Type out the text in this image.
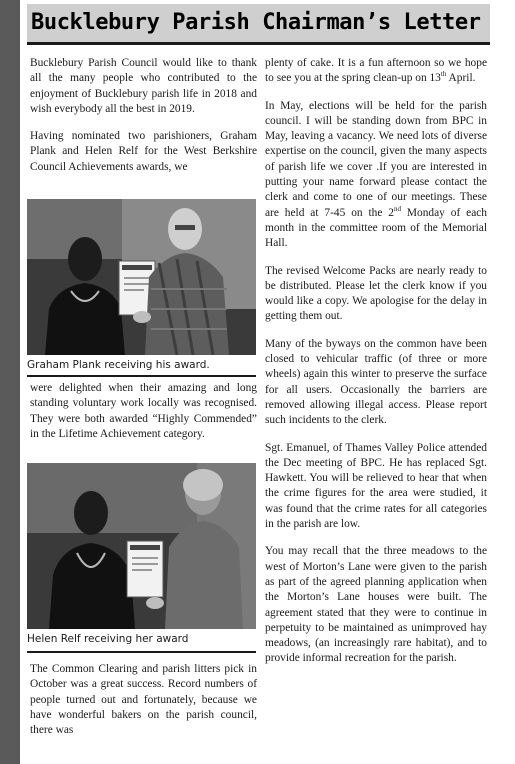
Bucklebury Parish Chairman’s Letter

Bucklebury Parish Council would like to thank all the many people who contributed to the enjoyment of Bucklebury parish life in 2018 and wish everybody all the best in 2019.

Having nominated two parishioners, Graham Plank and Helen Relf for the West Berkshire Council Achievements awards, we

Graham Plank receiving his award.

were delighted when their amazing and long standing voluntary work locally was recognised. They were both awarded “Highly Commended” in the Lifetime Achievement category.

Helen Relf receiving her award

The Common Clearing and parish litters pick in October was a great success. Record numbers of people turned out and fortunately, because we have wonderful bakers on the parish council, there was

plenty of cake. It is a fun afternoon so we hope to see you at the spring clean-up on 13th April.

In May, elections will be held for the parish council. I will be standing down from BPC in May, leaving a vacancy. We need lots of diverse expertise on the council, given the many aspects of parish life we cover .If you are interested in putting your name forward please contact the clerk and come to one of our meetings. These are held at 7-45 on the 2nd Monday of each month in the committee room of the Memorial Hall.

The revised Welcome Packs are nearly ready to be distributed. Please let the clerk know if you would like a copy. We apologise for the delay in getting them out.

Many of the byways on the common have been closed to vehicular traffic (of three or more wheels) again this winter to preserve the surface for all users. Occasionally the barriers are removed allowing illegal access. Please report such incidents to the clerk.

Sgt. Emanuel, of Thames Valley Police attended the Dec meeting of BPC. He has replaced Sgt. Hawkett. You will be relieved to hear that when the crime figures for the area were studied, it was found that the crime rates for all categories in the parish are low.

You may recall that the three meadows to the west of Morton’s Lane were given to the parish as part of the agreed planning application when the Morton’s Lane houses were built. The agreement stated that they were to continue in perpetuity to be maintained as unimproved hay meadows, (an increasingly rare habitat), and to provide informal recreation for the parish.
